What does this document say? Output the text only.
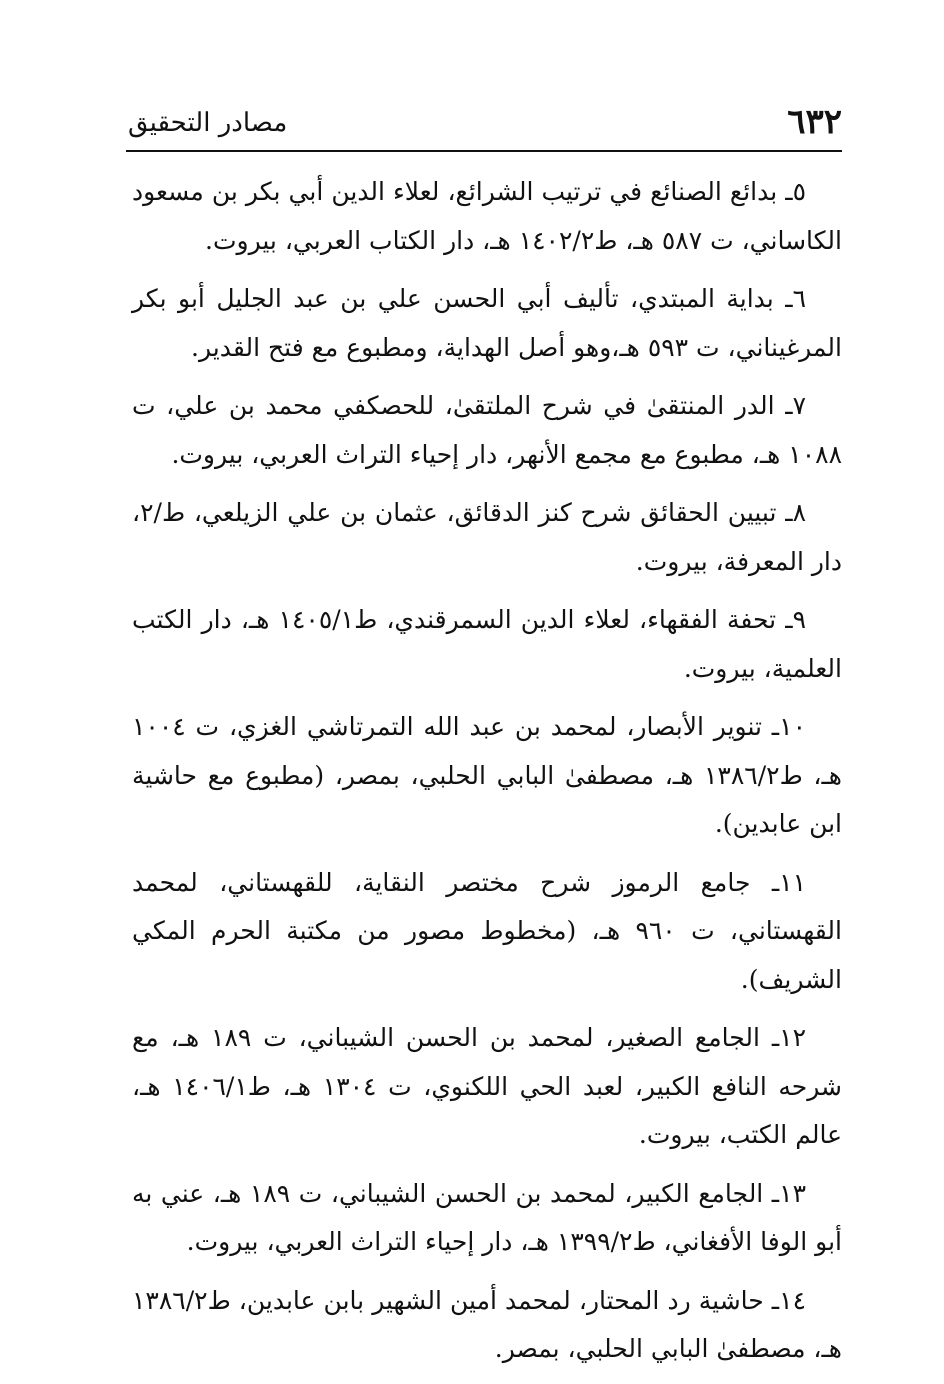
٦٣٢
مصادر التحقيق

٥ـ بدائع الصنائع في ترتيب الشرائع، لعلاء الدين أبي بكر بن مسعود الكاساني، ت ٥٨٧ هـ، ط١٤٠٢/٢ هـ، دار الكتاب العربي، بيروت.

٦ـ بداية المبتدي، تأليف أبي الحسن علي بن عبد الجليل أبو بكر المرغيناني، ت ٥٩٣ هـ،وهو أصل الهداية، ومطبوع مع فتح القدير.

٧ـ الدر المنتقىٰ في شرح الملتقىٰ، للحصكفي محمد بن علي، ت ١٠٨٨ هـ، مطبوع مع مجمع الأنهر، دار إحياء التراث العربي، بيروت.

٨ـ تبيين الحقائق شرح كنز الدقائق، عثمان بن علي الزيلعي، ط/٢، دار المعرفة، بيروت.

٩ـ تحفة الفقهاء، لعلاء الدين السمرقندي، ط١٤٠٥/١ هـ، دار الكتب العلمية، بيروت.

١٠ـ تنوير الأبصار، لمحمد بن عبد الله التمرتاشي الغزي، ت ١٠٠٤ هـ، ط١٣٨٦/٢ هـ، مصطفىٰ البابي الحلبي، بمصر، (مطبوع مع حاشية ابن عابدين).

١١ـ جامع الرموز شرح مختصر النقاية، للقهستاني، لمحمد القهستاني، ت ٩٦٠ هـ، (مخطوط مصور من مكتبة الحرم المكي الشريف).

١٢ـ الجامع الصغير، لمحمد بن الحسن الشيباني، ت ١٨٩ هـ، مع شرحه النافع الكبير، لعبد الحي اللكنوي، ت ١٣٠٤ هـ، ط١٤٠٦/١ هـ، عالم الكتب، بيروت.

١٣ـ الجامع الكبير، لمحمد بن الحسن الشيباني، ت ١٨٩ هـ، عني به أبو الوفا الأفغاني، ط١٣٩٩/٢ هـ، دار إحياء التراث العربي، بيروت.

١٤ـ حاشية رد المحتار، لمحمد أمين الشهير بابن عابدين، ط١٣٨٦/٢ هـ، مصطفىٰ البابي الحلبي، بمصر.
